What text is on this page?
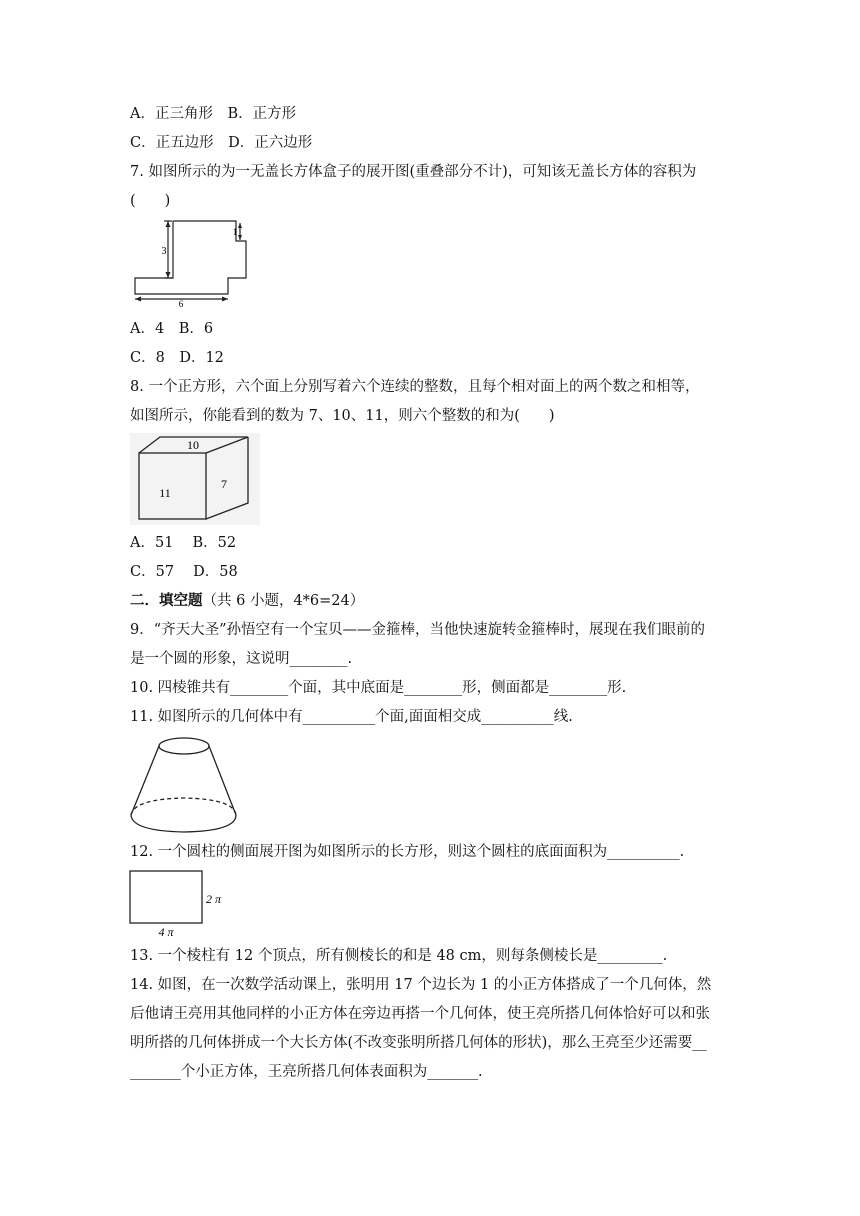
A．正三角形　B．正方形
C．正五边形　D．正六边形
7. 如图所示的为一无盖长方体盒子的展开图(重叠部分不计)，可知该无盖长方体的容积为
(　　)
3
1
6
A．4　B．6
C．8　D．12
8. 一个正方形，六个面上分别写着六个连续的整数，且每个相对面上的两个数之和相等，
如图所示，你能看到的数为 7、10、11，则六个整数的和为(　　)
10
11
7
A．51　 B．52
C．57　 D．58
二．填空题（共 6 小题，4*6=24）
9．“齐天大圣”孙悟空有一个宝贝——金箍棒，当他快速旋转金箍棒时，展现在我们眼前的
是一个圆的形象，这说明________.
10. 四棱锥共有________个面，其中底面是________形，侧面都是________形.
11. 如图所示的几何体中有__________个面,面面相交成__________线.
12. 一个圆柱的侧面展开图为如图所示的长方形，则这个圆柱的底面面积为__________.
2 π
4 π
13. 一个棱柱有 12 个顶点，所有侧棱长的和是 48 cm，则每条侧棱长是_________.
14. 如图，在一次数学活动课上，张明用 17 个边长为 1 的小正方体搭成了一个几何体，然
后他请王亮用其他同样的小正方体在旁边再搭一个几何体，使王亮所搭几何体恰好可以和张
明所搭的几何体拼成一个大长方体(不改变张明所搭几何体的形状)，那么王亮至少还需要__
_______个小正方体，王亮所搭几何体表面积为_______.
